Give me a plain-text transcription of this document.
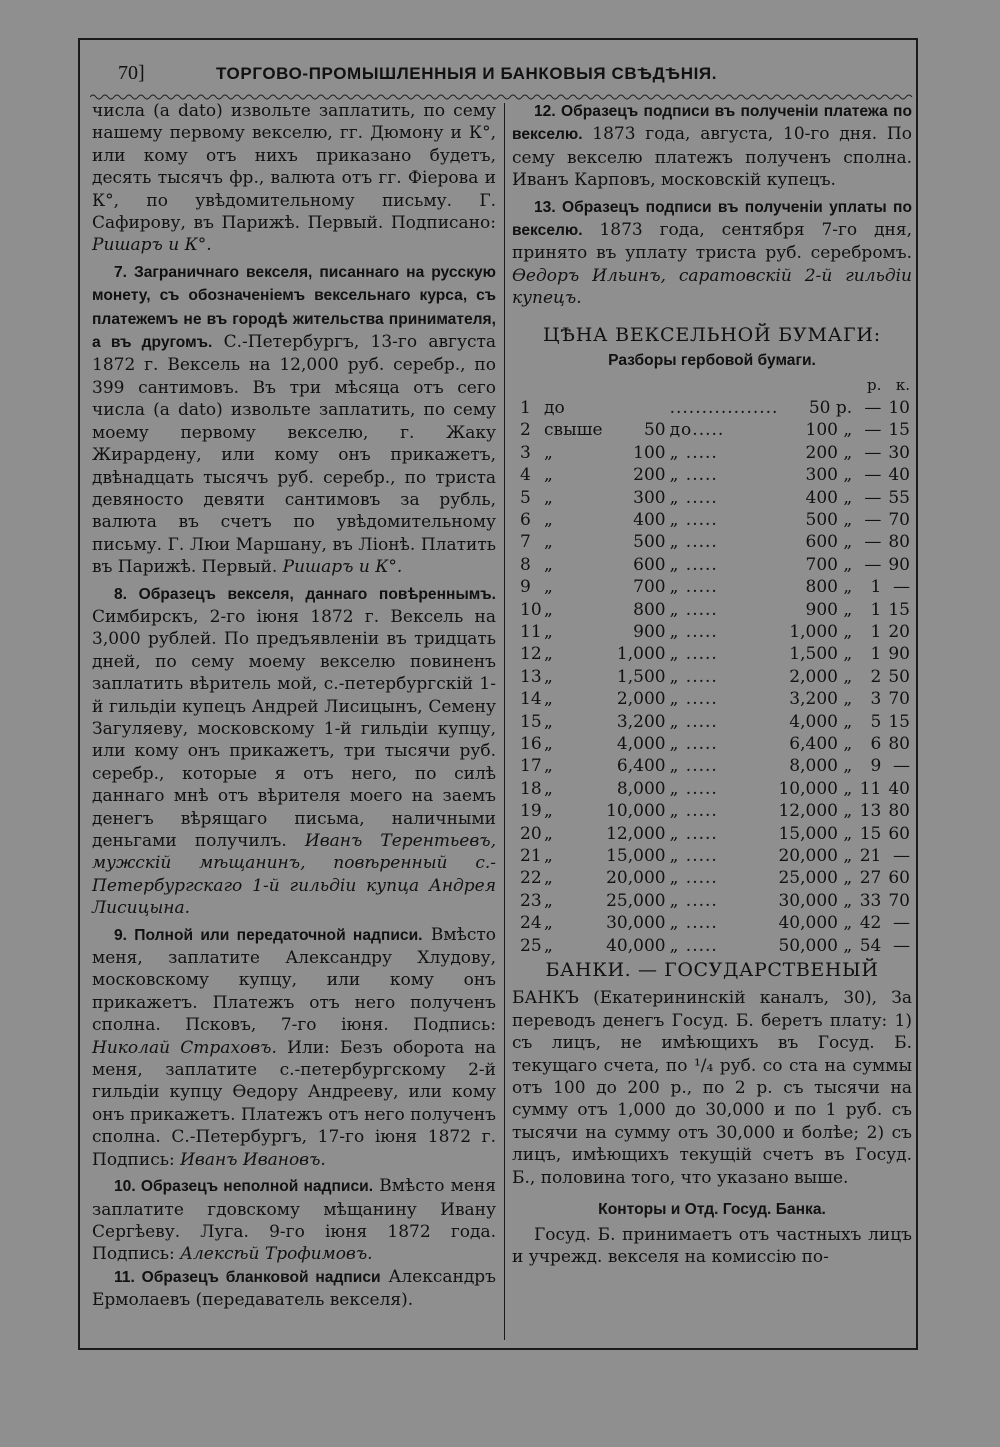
70]	ТОРГОВО-ПРОМЫШЛЕННЫЯ И БАНКОВЫЯ СВѢДѢНІЯ.

числа (a dato) извольте заплатить, по сему нашему первому векселю, гг. Дюмону и К°, или кому отъ нихъ приказано будетъ, десять тысячъ фр., валюта отъ гг. Фіерова и К°, по увѣдомительному письму. Г. Сафирову, въ Парижѣ. Первый. Подписано: Ришаръ и К°.

7. Заграничнаго векселя, писаннаго на русскую монету, съ обозначеніемъ вексельнаго курса, съ платежемъ не въ городѣ жительства принимателя, а въ другомъ. С.-Петербургъ, 13-го августа 1872 г. Вексель на 12,000 руб. серебр., по 399 сантимовъ. Въ три мѣсяца отъ сего числа (a dato) извольте заплатить, по сему моему первому векселю, г. Жаку Жирардену, или кому онъ прикажетъ, двѣнадцать тысячъ руб. серебр., по триста девяносто девяти сантимовъ за рубль, валюта въ счетъ по увѣдомительному письму. Г. Люи Маршану, въ Ліонѣ. Платить въ Парижѣ. Первый. Ришаръ и К°.

8. Образецъ векселя, даннаго повѣреннымъ. Симбирскъ, 2-го іюня 1872 г. Вексель на 3,000 рублей. По предъявленіи въ тридцать дней, по сему моему векселю повиненъ заплатить вѣритель мой, с.-петербургскій 1-й гильдіи купецъ Андрей Лисицынъ, Семену Загуляеву, московскому 1-й гильдіи купцу, или кому онъ прикажетъ, три тысячи руб. серебр., которые я отъ него, по силѣ даннаго мнѣ отъ вѣрителя моего на заемъ денегъ вѣрящаго письма, наличными деньгами получилъ. Иванъ Терентьевъ, мужскій мѣщанинъ, повѣренный с.-Петербургскаго 1-й гильдіи купца Андрея Лисицына.

9. Полной или передаточной надписи. Вмѣсто меня, заплатите Александру Хлудову, московскому купцу, или кому онъ прикажетъ. Платежъ отъ него полученъ сполна. Псковъ, 7-го іюня. Подпись: Николай Страховъ. Или: Безъ оборота на меня, заплатите с.-петербургскому 2-й гильдіи купцу Ѳедору Андрееву, или кому онъ прикажетъ. Платежъ отъ него полученъ сполна. С.-Петербургъ, 17-го іюня 1872 г. Подпись: Иванъ Ивановъ.

10. Образецъ неполной надписи. Вмѣсто меня заплатите гдовскому мѣщанину Ивану Сергѣеву. Луга. 9-го іюня 1872 года. Подпись: Алексѣй Трофимовъ.

11. Образецъ бланковой надписи Александръ Ермолаевъ (передаватель векселя).

12. Образецъ подписи въ полученіи платежа по векселю. 1873 года, августа, 10-го дня. По сему векселю платежъ полученъ сполна. Иванъ Карповъ, московскій купецъ.

13. Образецъ подписи въ полученіи уплаты по векселю. 1873 года, сентября 7-го дня, принято въ уплату триста руб. серебромъ. Ѳедоръ Ильинъ, саратовскій 2-й гильдіи купецъ.

ЦѢНА ВЕКСЕЛЬНОЙ БУМАГИ:

Разборы гербовой бумаги.

					р.	к.
1	до		.................	50 р.	—	10
2	свыше	50	до.....	100 „	—	15
3	„	100	„ .....	200 „	—	30
4	„	200	„ .....	300 „	—	40
5	„	300	„ .....	400 „	—	55
6	„	400	„ .....	500 „	—	70
7	„	500	„ .....	600 „	—	80
8	„	600	„ .....	700 „	—	90
9	„	700	„ .....	800 „	1	—
10	„	800	„ .....	900 „	1	15
11	„	900	„ .....	1,000 „	1	20
12	„	1,000	„ .....	1,500 „	1	90
13	„	1,500	„ .....	2,000 „	2	50
14	„	2,000	„ .....	3,200 „	3	70
15	„	3,200	„ .....	4,000 „	5	15
16	„	4,000	„ .....	6,400 „	6	80
17	„	6,400	„ .....	8,000 „	9	—
18	„	8,000	„ .....	10,000 „	11	40
19	„	10,000	„ .....	12,000 „	13	80
20	„	12,000	„ .....	15,000 „	15	60
21	„	15,000	„ .....	20,000 „	21	—
22	„	20,000	„ .....	25,000 „	27	60
23	„	25,000	„ .....	30,000 „	33	70
24	„	30,000	„ .....	40,000 „	42	—
25	„	40,000	„ .....	50,000 „	54	—

БАНКИ. — ГОСУДАРСТВЕНЫЙ

БАНКЪ (Екатерининскій каналъ, 30), За переводъ денегъ Госуд. Б. беретъ плату: 1) съ лицъ, не имѣющихъ въ Госуд. Б. текущаго счета, по ¹/₄ руб. со ста на суммы отъ 100 до 200 р., по 2 р. съ тысячи на сумму отъ 1,000 до 30,000 и по 1 руб. съ тысячи на сумму отъ 30,000 и болѣе; 2) съ лицъ, имѣющихъ текущій счетъ въ Госуд. Б., половина того, что указано выше.

Конторы и Отд. Госуд. Банка.

Госуд. Б. принимаетъ отъ частныхъ лицъ и учрежд. векселя на комиссію по-
